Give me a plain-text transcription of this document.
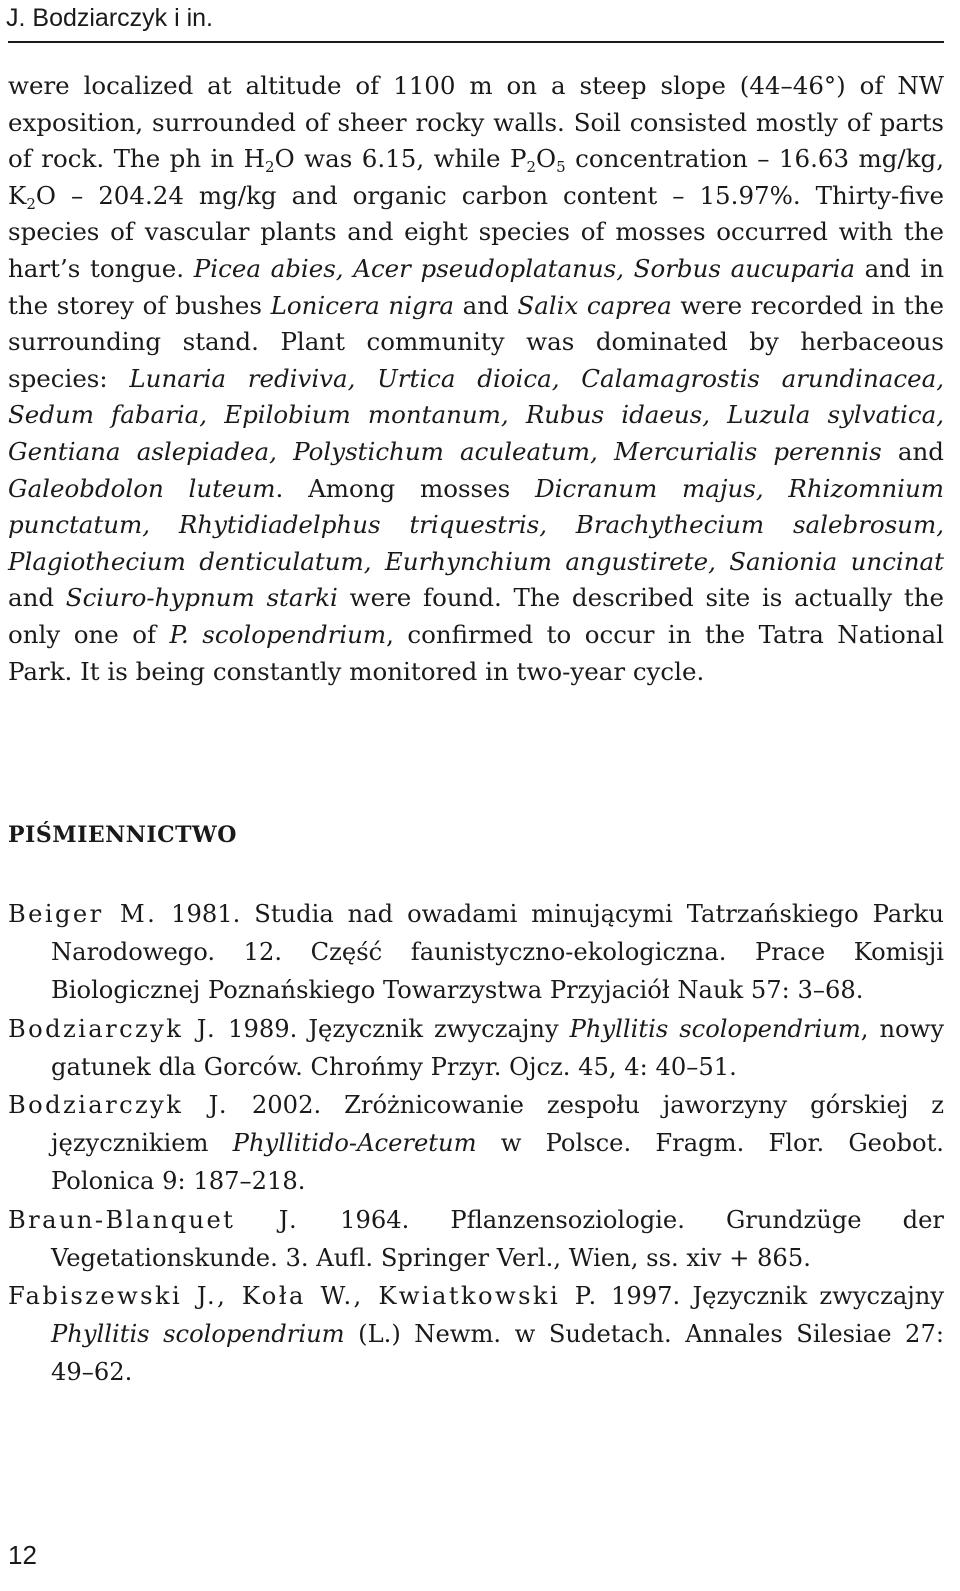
J. Bodziarczyk i in.

were localized at altitude of 1100 m on a steep slope (44–46°) of NW exposition, surrounded of sheer rocky walls. Soil consisted mostly of parts of rock. The ph in $H_2O$ was 6.15, while $P_2O_5$ concentration – 16.63 mg/kg, $K_2O - 204.24$ mg/kg and organic carbon content – 15.97%. Thirty-five species of vascular plants and eight species of mosses occurred with the hart’s tongue. Picea abies, Acer pseudoplatanus, Sorbus aucuparia and in the storey of bushes Lonicera nigra and Salix caprea were recorded in the surrounding stand. Plant community was dominated by herbaceous species: Lunaria rediviva, Urtica dioica, Calamagrostis arundinacea, Sedum fabaria, Epilobium montanum, Rubus idaeus, Luzula sylvatica, Gentiana aslepiadea, Polystichum aculeatum, Mercurialis perennis and Galeobdolon luteum. Among mosses Dicranum majus, Rhizomnium punctatum, Rhytidiadelphus triquestris, Brachythecium salebrosum, Plagiothecium denticulatum, Eurhynchium angustirete, Sanionia uncinat and Sciuro-hypnum starki were found. The described site is actually the only one of P. scolopendrium, confirmed to occur in the Tatra National Park. It is being constantly monitored in two-year cycle.

PIŚMIENNICTWO
Beiger M. 1981. Studia nad owadami minującymi Tatrzańskiego Parku Narodowego. 12. Część faunistyczno-ekologiczna. Prace Komisji Biologicznej Poznańskiego Towarzystwa Przyjaciół Nauk 57: 3–68.
Bodziarczyk J. 1989. Języcznik zwyczajny Phyllitis scolopendrium, nowy gatunek dla Gorców. Chrońmy Przyr. Ojcz. 45, 4: 40–51.
Bodziarczyk J. 2002. Zróżnicowanie zespołu jaworzyny górskiej z języcznikiem Phyllitido-Aceretum w Polsce. Fragm. Flor. Geobot. Polonica 9: 187–218.
Braun-Blanquet J. 1964. Pflanzensoziologie. Grundzüge der Vegetationskunde. 3. Aufl. Springer Verl., Wien, ss. xiv + 865.
Fabiszewski J., Koła W., Kwiatkowski P. 1997. Języcznik zwyczajny Phyllitis scolopendrium (L.) Newm. w Sudetach. Annales Silesiae 27: 49–62.
12
